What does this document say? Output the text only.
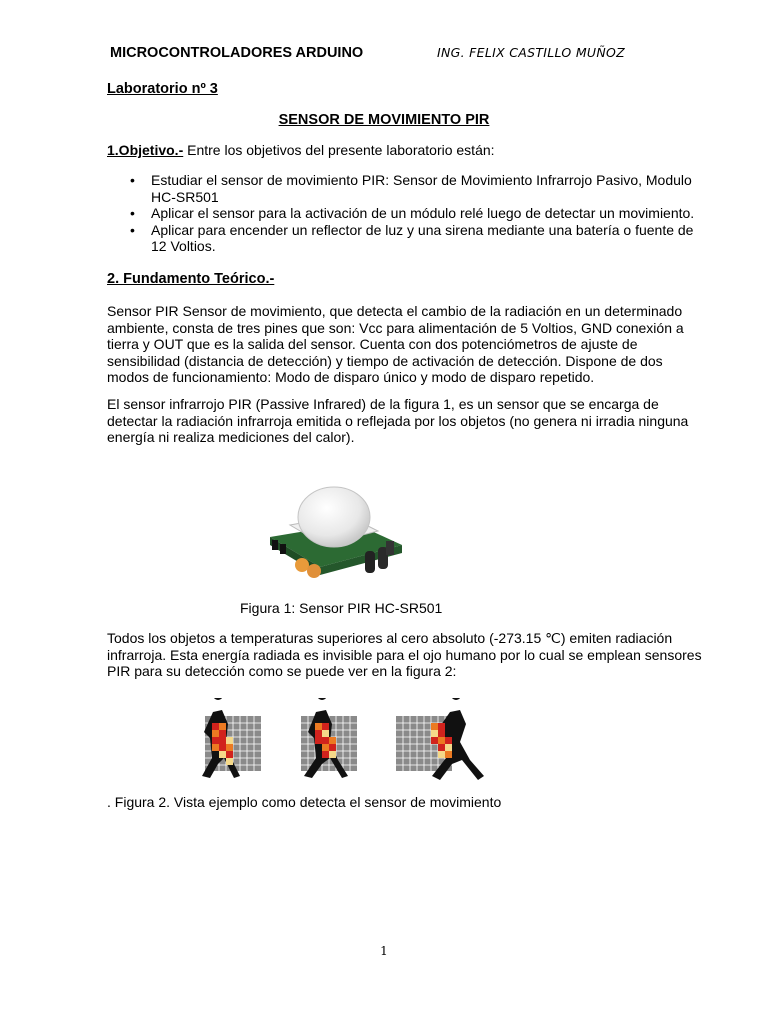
MICROCONTROLADORES ARDUINO	ING. FELIX CASTILLO MUÑOZ
Laboratorio nº 3
SENSOR DE MOVIMIENTO PIR
1.Objetivo.- Entre los objetivos del presente laboratorio están:
• Estudiar el sensor de movimiento PIR: Sensor de Movimiento Infrarrojo Pasivo, Modulo HC-SR501
• Aplicar el sensor para la activación de un módulo relé luego de detectar un movimiento.
• Aplicar para encender un reflector de luz y una sirena mediante una batería o fuente de 12 Voltios.
2. Fundamento Teórico.-
Sensor PIR Sensor de movimiento, que detecta el cambio de la radiación en un determinado ambiente, consta de tres pines que son: Vcc para alimentación de 5 Voltios, GND conexión a tierra y OUT que es la salida del sensor. Cuenta con dos potenciómetros de ajuste de sensibilidad (distancia de detección) y tiempo de activación de detección. Dispone de dos modos de funcionamiento: Modo de disparo único y modo de disparo repetido.
El sensor infrarrojo PIR (Passive Infrared) de la figura 1, es un sensor que se encarga de detectar la radiación infrarroja emitida o reflejada por los objetos (no genera ni irradia ninguna energía ni realiza mediciones del calor).
Figura 1: Sensor PIR HC-SR501
Todos los objetos a temperaturas superiores al cero absoluto (-273.15 ℃) emiten radiación infrarroja. Esta energía radiada es invisible para el ojo humano por lo cual se emplean sensores PIR para su detección como se puede ver en la figura 2:
. Figura 2. Vista ejemplo como detecta el sensor de movimiento
1
